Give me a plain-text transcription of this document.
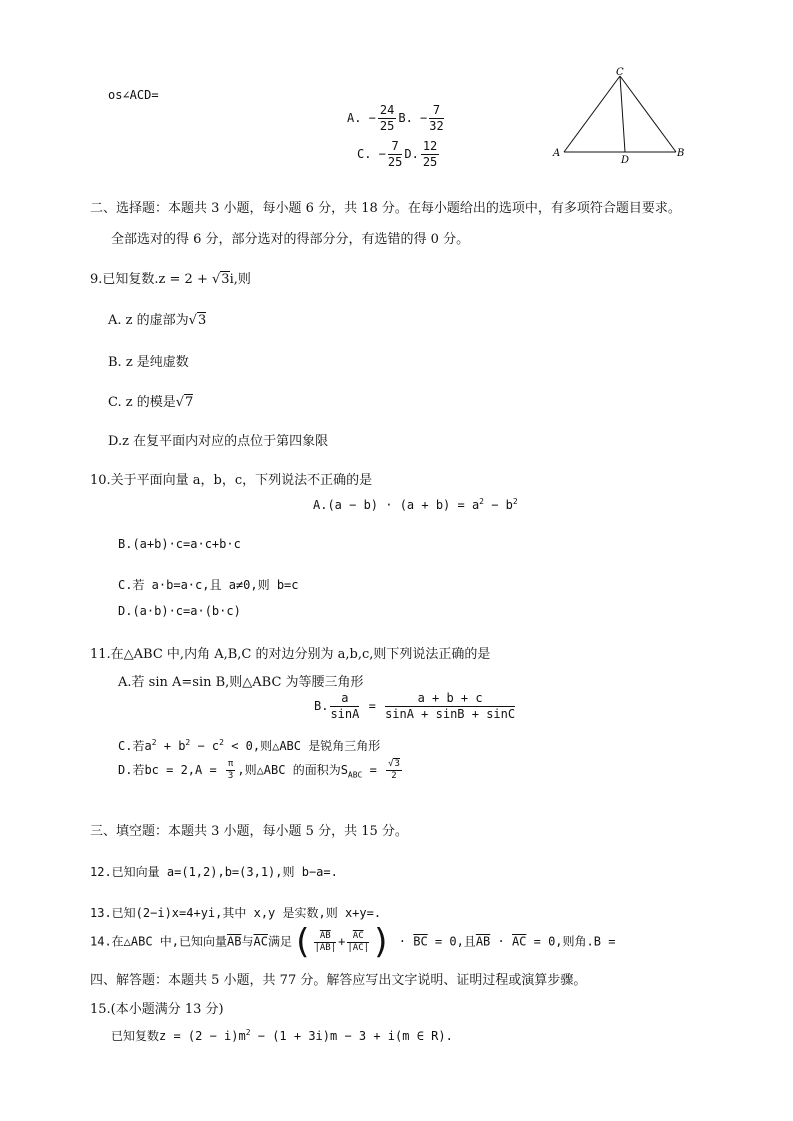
os∠ACD=
A. − $\frac{24}{25} B$. − $\frac{7}{32}$
C. − $\frac{7}{25} D$. $\frac{12}{25}$
C
A
D
B
二、选择题：本题共 3 小题，每小题 6 分，共 18 分。在每小题给出的选项中，有多项符合题目要求。
全部选对的得 6 分，部分选对的得部分分，有选错的得 0 分。
9.已知复数.z = 2 + √3i,则
A. z 的虚部为√3
B. z 是纯虚数
C. z 的模是√7
D.z 在复平面内对应的点位于第四象限
10.关于平面向量 a，b，c，下列说法不正确的是
$A.(a - b) \cdot (a + b) = a^2 - b^2$
B.(a+b)·c=a·c+b·c
C.若 a·b=a·c,且 a≠0,则 b=c
D.(a·b)·c=a·(b·c)
11.在△ABC 中,内角 A,B,C 的对边分别为 a,b,c,则下列说法正确的是
A.若 sin A=sin B,则△ABC 为等腰三角形
B. $\frac{a}{\sin A} = \frac{a + b + c}{\sin A + \sin B + \sin C}$
C.若$a^2 + b^2 - c^2 < 0$,则△ABC 是锐角三角形
D.若bc = $2,A = \frac{\pi}{3}$ ,则△ABC 的面积为$S_{ABC} = \frac{√3}{2}$
三、填空题：本题共 3 小题，每小题 5 分，共 15 分。
12.已知向量 a=(1,2),b=(3,1),则 b−a=.
13.已知(2−i)x=4+yi,其中 x,y 是实数,则 x+y=.
14.在△ABC 中,已知向量$\overline{AB}$与$\overline{AC}$满足( $\frac{\overline{AB}}{|\overline{AB}|} + \frac{\overline{AC}}{|\overline{AC}|}$ ) · $\overline{BC} = 0$,且$\overline{AB} \cdot \overline{AC} = 0$,则角.B =
四、解答题：本题共 5 小题，共 77 分。解答应写出文字说明、证明过程或演算步骤。
15.(本小题满分 13 分)
已知复数$z = (2 - i)m^2 - (1 + 3i)m - 3 + i(m$ ∈ R).
